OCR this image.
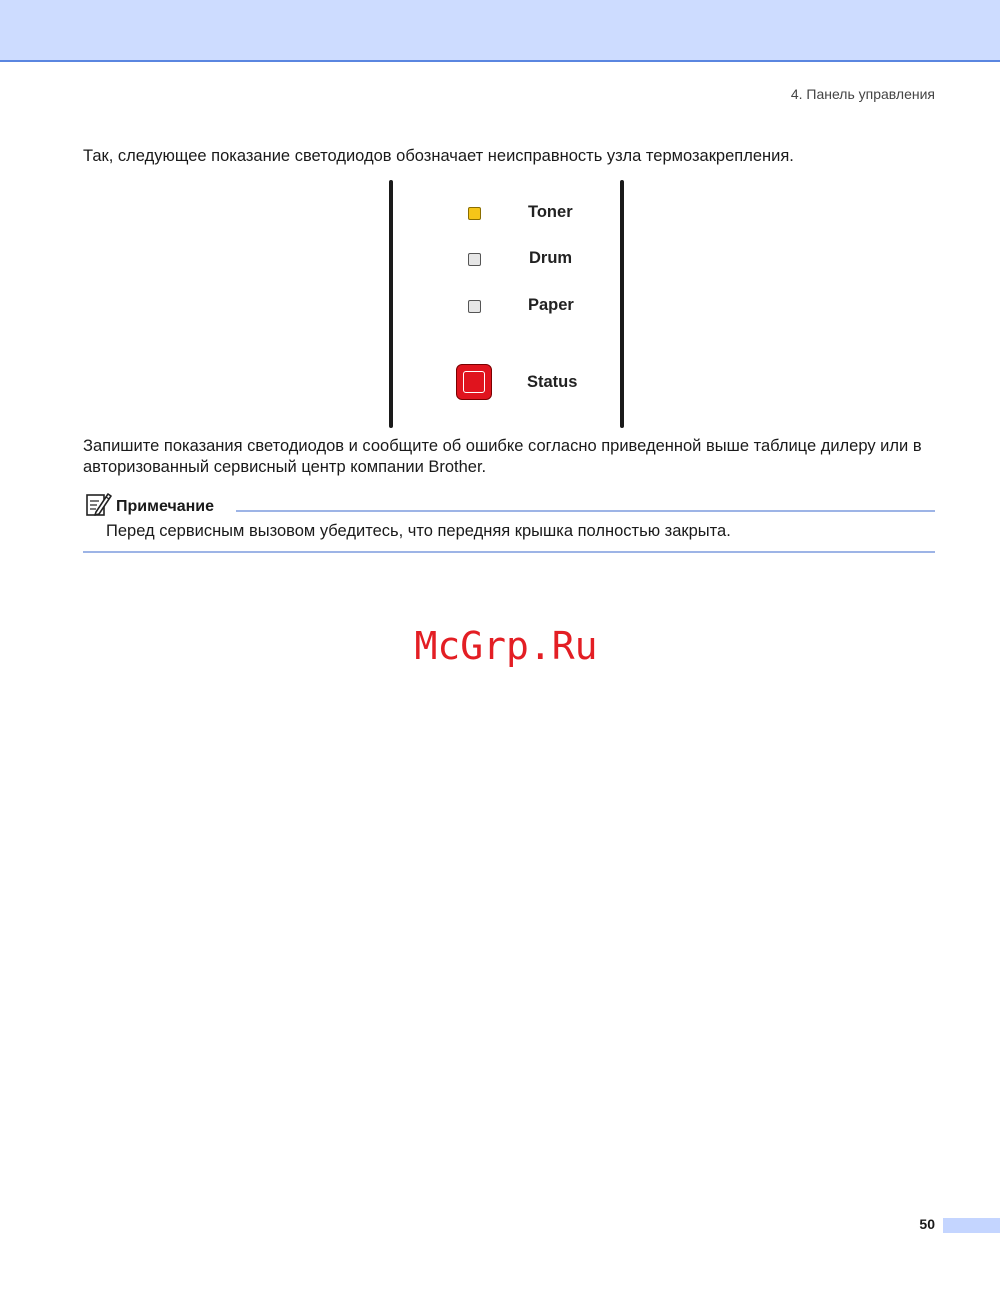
4. Панель управления
Так, следующее показание светодиодов обозначает неисправность узла термозакрепления.
Toner
Drum
Paper
Status
Запишите показания светодиодов и сообщите об ошибке согласно приведенной выше таблице дилеру или в авторизованный сервисный центр компании Brother.
Примечание
Перед сервисным вызовом убедитесь, что передняя крышка полностью закрыта.
McGrp.Ru
50
